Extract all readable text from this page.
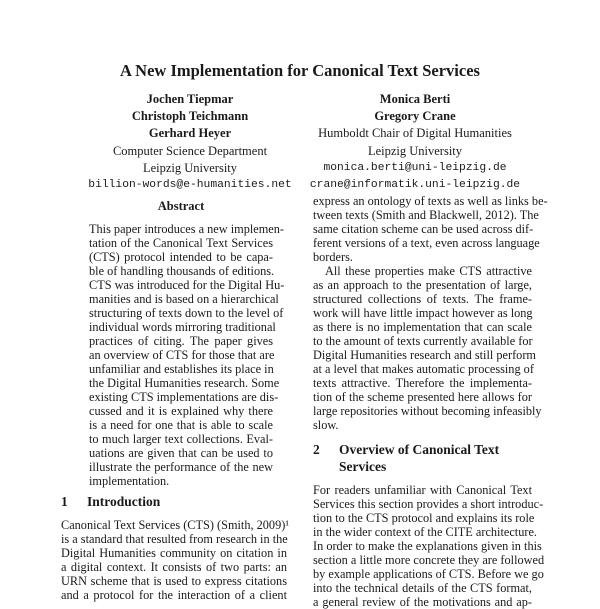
A New Implementation for Canonical Text Services
Jochen Tiepmar
Christoph Teichmann
Gerhard Heyer
Computer Science Department
Leipzig University
billion-words@e-humanities.net
Monica Berti
Gregory Crane
Humboldt Chair of Digital Humanities
Leipzig University
monica.berti@uni-leipzig.de
crane@informatik.uni-leipzig.de
Abstract
This paper introduces a new implemen-
tation of the Canonical Text Services
(CTS) protocol intended to be capa-
ble of handling thousands of editions.
CTS was introduced for the Digital Hu-
manities and is based on a hierarchical
structuring of texts down to the level of
individual words mirroring traditional
practices of citing. The paper gives
an overview of CTS for those that are
unfamiliar and establishes its place in
the Digital Humanities research. Some
existing CTS implementations are dis-
cussed and it is explained why there
is a need for one that is able to scale
to much larger text collections. Eval-
uations are given that can be used to
illustrate the performance of the new
implementation.
1 Introduction
Canonical Text Services (CTS) (Smith, 2009)¹
is a standard that resulted from research in the
Digital Humanities community on citation in
a digital context. It consists of two parts: an
URN scheme that is used to express citations
and a protocol for the interaction of a client
express an ontology of texts as well as links be-
tween texts (Smith and Blackwell, 2012). The
same citation scheme can be used across dif-
ferent versions of a text, even across language
borders.
All these properties make CTS attractive
as an approach to the presentation of large,
structured collections of texts. The frame-
work will have little impact however as long
as there is no implementation that can scale
to the amount of texts currently available for
Digital Humanities research and still perform
at a level that makes automatic processing of
texts attractive. Therefore the implementa-
tion of the scheme presented here allows for
large repositories without becoming infeasibly
slow.
2 Overview of Canonical Text
Services
For readers unfamiliar with Canonical Text
Services this section provides a short introduc-
tion to the CTS protocol and explains its role
in the wider context of the CITE architecture.
In order to make the explanations given in this
section a little more concrete they are followed
by example applications of CTS. Before we go
into the technical details of the CTS format,
a general review of the motivations and ap-
